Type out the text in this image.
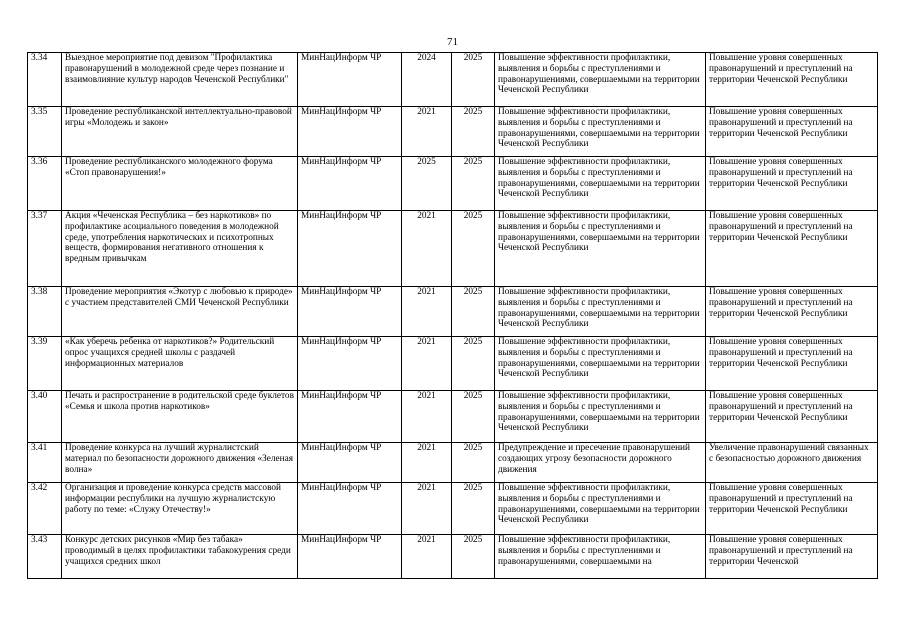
71
3.34	Выездное мероприятие под девизом "Профилактика правонарушений в молодежной среде через познание и взаимовлияние культур народов Чеченской Республики"	МинНацИнформ ЧР	2024	2025	Повышение эффективности профилактики, выявления и борьбы с преступлениями и правонарушениями, совершаемыми на территории Чеченской Республики	Повышение уровня совершенных правонарушений и преступлений на территории Чеченской Республики
3.35	Проведение республиканской интеллектуально-правовой игры «Молодежь и закон»	МинНацИнформ ЧР	2021	2025	Повышение эффективности профилактики, выявления и борьбы с преступлениями и правонарушениями, совершаемыми на территории Чеченской Республики	Повышение уровня совершенных правонарушений и преступлений на территории Чеченской Республики
3.36	Проведение республиканского молодежного форума «Стоп правонарушения!»	МинНацИнформ ЧР	2025	2025	Повышение эффективности профилактики, выявления и борьбы с преступлениями и правонарушениями, совершаемыми на территории Чеченской Республики	Повышение уровня совершенных правонарушений и преступлений на территории Чеченской Республики
3.37	Акция «Чеченская Республика – без наркотиков» по профилактике асоциального поведения в молодежной среде, употребления наркотических и психотропных веществ, формирования негативного отношения к вредным привычкам	МинНацИнформ ЧР	2021	2025	Повышение эффективности профилактики, выявления и борьбы с преступлениями и правонарушениями, совершаемыми на территории Чеченской Республики	Повышение уровня совершенных правонарушений и преступлений на территории Чеченской Республики
3.38	Проведение мероприятия «Экотур с любовью к природе» с участием представителей СМИ Чеченской Республики	МинНацИнформ ЧР	2021	2025	Повышение эффективности профилактики, выявления и борьбы с преступлениями и правонарушениями, совершаемыми на территории Чеченской Республики	Повышение уровня совершенных правонарушений и преступлений на территории Чеченской Республики
3.39	«Как уберечь ребенка от наркотиков?» Родительский опрос учащихся средней школы с раздачей информационных материалов	МинНацИнформ ЧР	2021	2025	Повышение эффективности профилактики, выявления и борьбы с преступлениями и правонарушениями, совершаемыми на территории Чеченской Республики	Повышение уровня совершенных правонарушений и преступлений на территории Чеченской Республики
3.40	Печать и распространение в родительской среде буклетов «Семья и школа против наркотиков»	МинНацИнформ ЧР	2021	2025	Повышение эффективности профилактики, выявления и борьбы с преступлениями и правонарушениями, совершаемыми на территории Чеченской Республики	Повышение уровня совершенных правонарушений и преступлений на территории Чеченской Республики
3.41	Проведение конкурса на лучший журналистский материал по безопасности дорожного движения «Зеленая волна»	МинНацИнформ ЧР	2021	2025	Предупреждение и пресечение правонарушений создающих угрозу безопасности дорожного движения	Увеличение правонарушений связанных с безопасностью дорожного движения
3.42	Организация и проведение конкурса средств массовой информации республики на лучшую журналистскую работу по теме: «Служу Отечеству!»	МинНацИнформ ЧР	2021	2025	Повышение эффективности профилактики, выявления и борьбы с преступлениями и правонарушениями, совершаемыми на территории Чеченской Республики	Повышение уровня совершенных правонарушений и преступлений на территории Чеченской Республики
3.43	Конкурс детских рисунков «Мир без табака» проводимый в целях профилактики табакокурения среди учащихся средних школ	МинНацИнформ ЧР	2021	2025	Повышение эффективности профилактики, выявления и борьбы с преступлениями и правонарушениями, совершаемыми на	Повышение уровня совершенных правонарушений и преступлений на территории Чеченской
